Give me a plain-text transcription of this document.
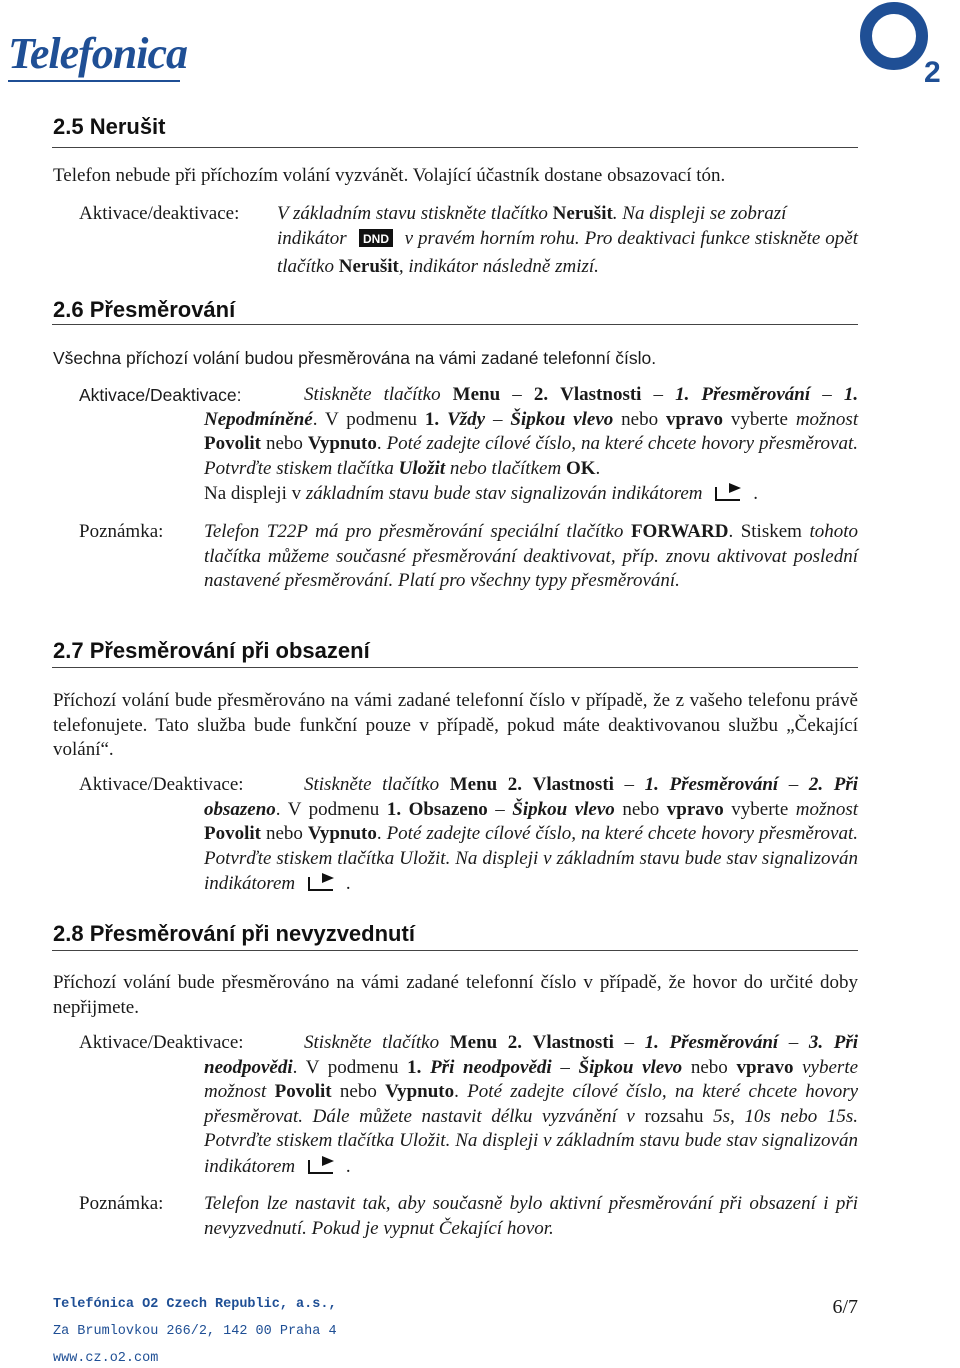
Telefonica	2
2.5 Nerušit
Telefon nebude při příchozím volání vyzvánět. Volající účastník dostane obsazovací tón.
Aktivace/deaktivace: V základním stavu stiskněte tlačítko Nerušit. Na displeji se zobrazí
indikátor DND v pravém horním rohu. Pro deaktivaci funkce stiskněte opět tlačítko Nerušit, indikátor následně zmizí.
2.6 Přesměrování
Všechna příchozí volání budou přesměrována na vámi zadané telefonní číslo.
Aktivace/Deaktivace:	Stiskněte tlačítko Menu – 2. Vlastnosti – 1. Přesměrování – 1. Nepodmíněné. V podmenu 1. Vždy – Šipkou vlevo nebo vpravo vyberte možnost Povolit nebo Vypnuto. Poté zadejte cílové číslo, na které chcete hovory přesměrovat. Potvrďte stiskem tlačítka Uložit nebo tlačítkem OK.
Na displeji v základním stavu bude stav signalizován indikátorem	.
Poznámka: Telefon T22P má pro přesměrování speciální tlačítko FORWARD. Stiskem tohoto tlačítka můžeme současné přesměrování deaktivovat, příp. znovu aktivovat poslední nastavené přesměrování. Platí pro všechny typy přesměrování.
2.7 Přesměrování při obsazení
Příchozí volání bude přesměrováno na vámi zadané telefonní číslo v případě, že z vašeho telefonu právě telefonujete. Tato služba bude funkční pouze v případě, pokud máte deaktivovanou službu „Čekající volání“.
Aktivace/Deaktivace:	Stiskněte tlačítko Menu 2. Vlastnosti – 1. Přesměrování – 2. Při obsazeno. V podmenu 1. Obsazeno – Šipkou vlevo nebo vpravo vyberte možnost Povolit nebo Vypnuto. Poté zadejte cílové číslo, na které chcete hovory přesměrovat. Potvrďte stiskem tlačítka Uložit. Na displeji v základním stavu bude stav signalizován indikátorem	.
2.8 Přesměrování při nevyzvednutí
Příchozí volání bude přesměrováno na vámi zadané telefonní číslo v případě, že hovor do určité doby nepřijmete.
Aktivace/Deaktivace:	Stiskněte tlačítko Menu 2. Vlastnosti – 1. Přesměrování – 3. Při neodpovědi. V podmenu 1. Při neodpovědi – Šipkou vlevo nebo vpravo vyberte možnost Povolit nebo Vypnuto. Poté zadejte cílové číslo, na které chcete hovory přesměrovat. Dále můžete nastavit délku vyzvánění v rozsahu 5s, 10s nebo 15s. Potvrďte stiskem tlačítka Uložit. Na displeji v základním stavu bude stav signalizován indikátorem	.
Poznámka: Telefon lze nastavit tak, aby současně bylo aktivní přesměrování při obsazení i při nevyzvednutí. Pokud je vypnut Čekající hovor.
Telefónica O2 Czech Republic, a.s.,
Za Brumlovkou 266/2, 142 00 Praha 4
www.cz.o2.com
6/7
